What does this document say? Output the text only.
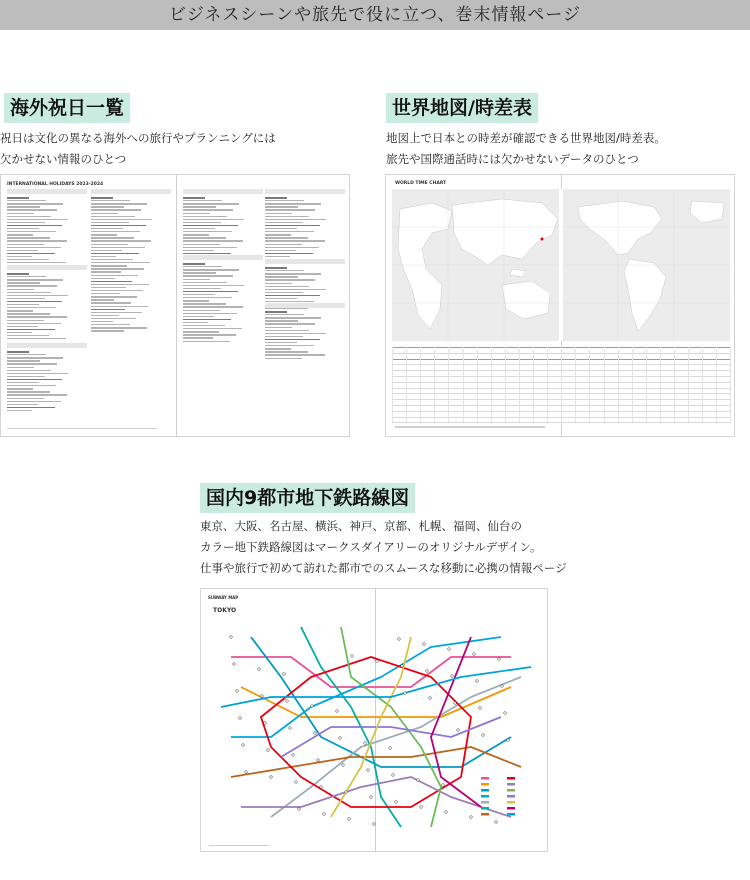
ビジネスシーンや旅先で役に立つ、巻末情報ページ
海外祝日一覧
祝日は文化の異なる海外への旅行やプランニングには
欠かせない情報のひとつ
INTERNATIONAL HOLIDAYS 2023-2024
世界地図/時差表
地図上で日本との時差が確認できる世界地図/時差表。
旅先や国際通話時には欠かせないデータのひとつ
WORLD TIME CHART
国内9都市地下鉄路線図
東京、大阪、名古屋、横浜、神戸、京都、札幌、福岡、仙台の
カラー地下鉄路線図はマークスダイアリーのオリジナルデザイン。
仕事や旅行で初めて訪れた都市でのスムースな移動に必携の情報ページ
SUBWAY MAP
TOKYO
